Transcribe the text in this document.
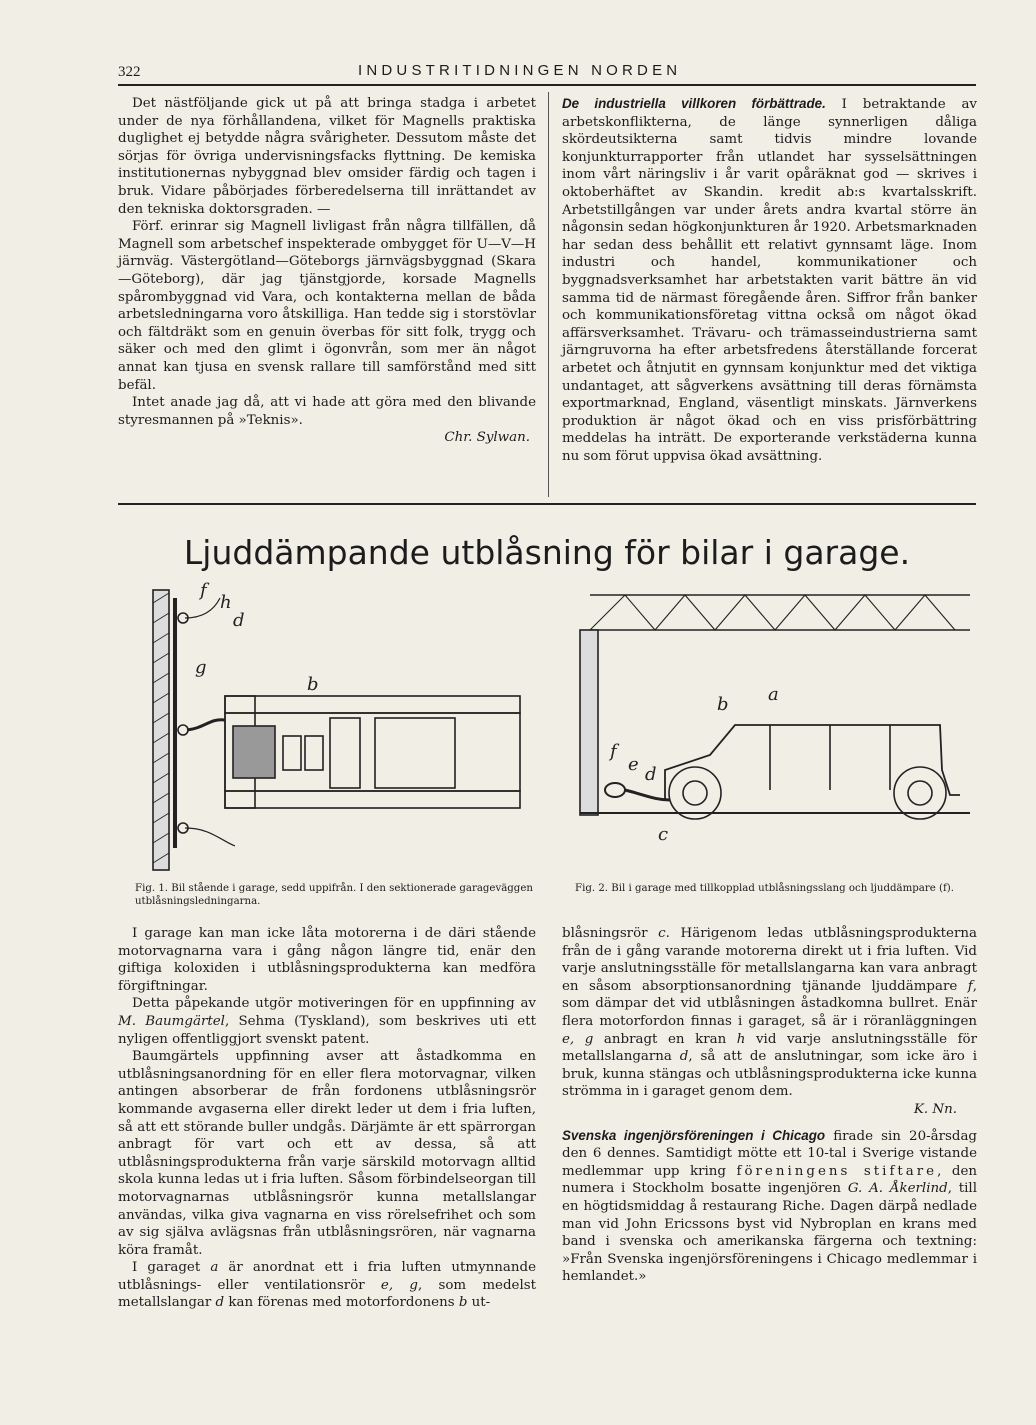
322	INDUSTRITIDNINGEN NORDEN

Det nästföljande gick ut på att bringa stadga i arbetet under de nya förhållandena, vilket för Magnells praktiska duglighet ej betydde några svårigheter. Dessutom måste det sörjas för övriga undervisningsfacks flyttning. De kemiska institutionernas nybyggnad blev omsider färdig och tagen i bruk. Vidare påbörjades förberedelserna till inrättandet av den tekniska doktorsgraden. —

Förf. erinrar sig Magnell livligast från några tillfällen, då Magnell som arbetschef inspekterade ombygget för U—V—H järnväg. Västergötland—Göteborgs järnvägsbyggnad (Skara—Göteborg), där jag tjänstgjorde, korsade Magnells spårombyggnad vid Vara, och kontakterna mellan de båda arbetsledningarna voro åtskilliga. Han tedde sig i storstövlar och fältdräkt som en genuin överbas för sitt folk, trygg och säker och med den glimt i ögonvrån, som mer än något annat kan tjusa en svensk rallare till samförstånd med sitt befäl.

Intet anade jag då, att vi hade att göra med den blivande styresmannen på »Teknis».

Chr. Sylwan.

De industriella villkoren förbättrade. I betraktande av arbetskonflikterna, de länge synnerligen dåliga skördeutsikterna samt tidvis mindre lovande konjunkturrapporter från utlandet har sysselsättningen inom vårt näringsliv i år varit opåräknat god — skrives i oktoberhäftet av Skandin. kredit ab:s kvartalsskrift. Arbetstillgången var under årets andra kvartal större än någonsin sedan högkonjunkturen år 1920. Arbetsmarknaden har sedan dess behållit ett relativt gynnsamt läge. Inom industri och handel, kommunikationer och byggnadsverksamhet har arbetstakten varit bättre än vid samma tid de närmast föregående åren. Siffror från banker och kommunikationsföretag vittna också om något ökad affärsverksamhet. Trävaru- och trämasseindustrierna samt järngruvorna ha efter arbetsfredens återställande forcerat arbetet och åtnjutit en gynnsam konjunktur med det viktiga undantaget, att sågverkens avsättning till deras förnämsta exportmarknad, England, väsentligt minskats. Järnverkens produktion är något ökad och en viss prisförbättring meddelas ha inträtt. De exporterande verkstäderna kunna nu som förut uppvisa ökad avsättning.

Ljuddämpande utblåsning för bilar i garage.
f
h
d
g
b
Fig. 1. Bil stående i garage, sedd uppifrån. I den sektionerade garageväggen utblåsningsledningarna.
a
b
f
e d
c
Fig. 2. Bil i garage med tillkopplad utblåsningsslang och ljuddämpare (f).

I garage kan man icke låta motorerna i de däri stående motorvagnarna vara i gång någon längre tid, enär den giftiga koloxiden i utblåsningsprodukterna kan medföra förgiftningar.

Detta påpekande utgör motiveringen för en uppfinning av M. Baumgärtel, Sehma (Tyskland), som beskrives uti ett nyligen offentliggjort svenskt patent.

Baumgärtels uppfinning avser att åstadkomma en utblåsningsanordning för en eller flera motorvagnar, vilken antingen absorberar de från fordonens utblåsningsrör kommande avgaserna eller direkt leder ut dem i fria luften, så att ett störande buller undgås. Därjämte är ett spärrorgan anbragt för vart och ett av dessa, så att utblåsningsprodukterna från varje särskild motorvagn alltid skola kunna ledas ut i fria luften. Såsom förbindelseorgan till motorvagnarnas utblåsningsrör kunna metallslangar användas, vilka giva vagnarna en viss rörelsefrihet och som av sig själva avlägsnas från utblåsningsrören, när vagnarna köra framåt.

I garaget a är anordnat ett i fria luften utmynnande utblåsnings- eller ventilationsrör e, g, som medelst metallslangar d kan förenas med motorfordonens b ut-

blåsningsrör c. Härigenom ledas utblåsningsprodukterna från de i gång varande motorerna direkt ut i fria luften. Vid varje anslutningsställe för metallslangarna kan vara anbragt en såsom absorptionsanordning tjänande ljuddämpare f, som dämpar det vid utblåsningen åstadkomna bullret. Enär flera motorfordon finnas i garaget, så är i röranläggningen e, g anbragt en kran h vid varje anslutningsställe för metallslangarna d, så att de anslutningar, som icke äro i bruk, kunna stängas och utblåsningsprodukterna icke kunna strömma in i garaget genom dem.

K. Nn.

Svenska ingenjörsföreningen i Chicago firade sin 20-årsdag den 6 dennes. Samtidigt mötte ett 10-tal i Sverige vistande medlemmar upp kring föreningens stiftare, den numera i Stockholm bosatte ingenjören G. A. Åkerlind, till en högtidsmiddag å restaurang Riche. Dagen därpå nedlade man vid John Ericssons byst vid Nybroplan en krans med band i svenska och amerikanska färgerna och textning: »Från Svenska ingenjörsföreningens i Chicago medlemmar i hemlandet.»
